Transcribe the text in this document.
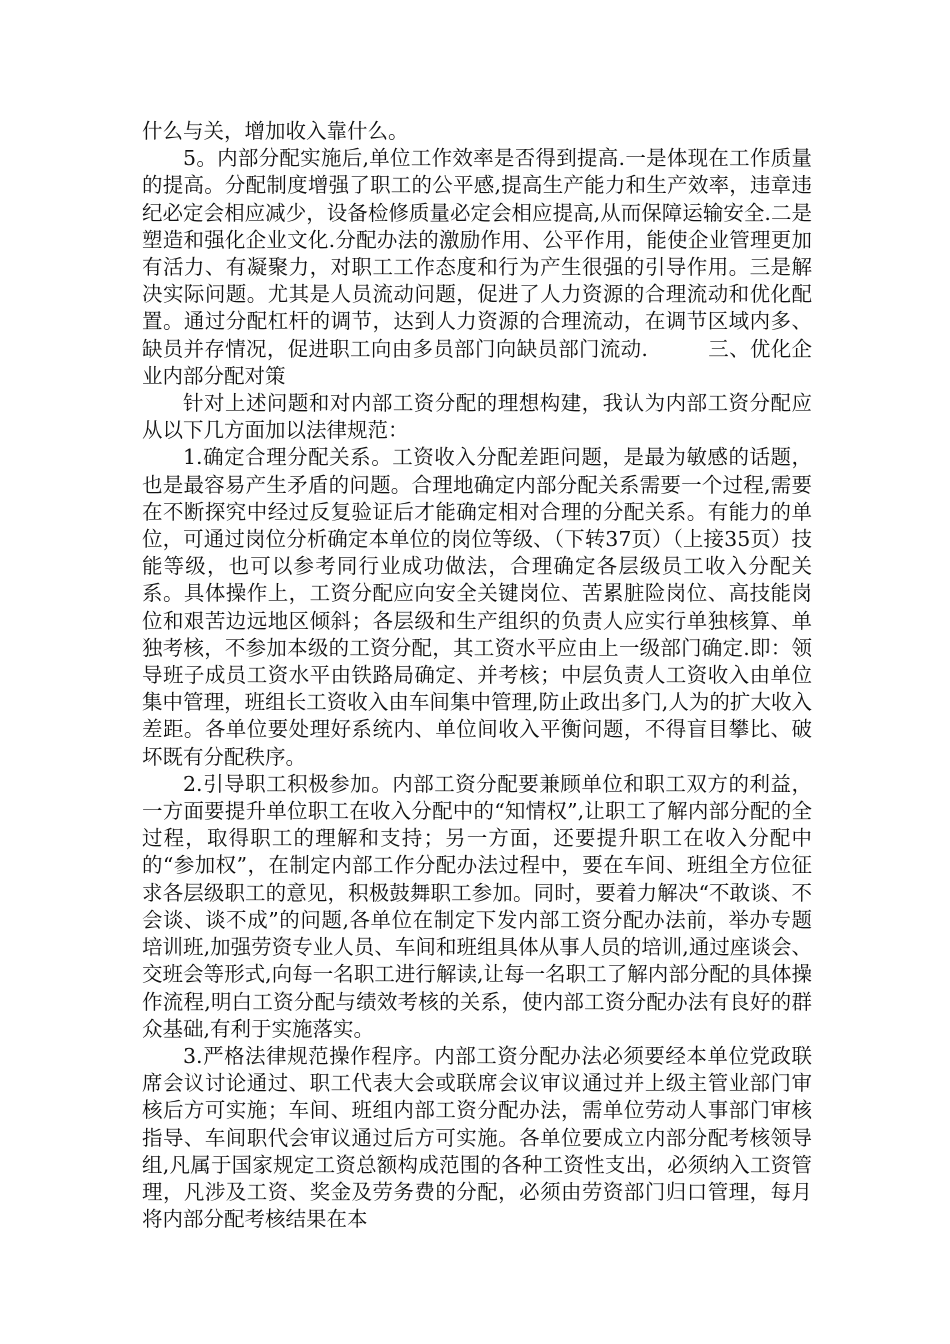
什么与关，增加收入靠什么。

5。内部分配实施后,单位工作效率是否得到提高.一是体现在工作质量的提高。分配制度增强了职工的公平感,提高生产能力和生产效率，违章违纪必定会相应减少，设备检修质量必定会相应提高,从而保障运输安全.二是塑造和强化企业文化.分配办法的激励作用、公平作用，能使企业管理更加有活力、有凝聚力，对职工工作态度和行为产生很强的引导作用。三是解决实际问题。尤其是人员流动问题，促进了人力资源的合理流动和优化配置。通过分配杠杆的调节，达到人力资源的合理流动，在调节区域内多、缺员并存情况，促进职工向由多员部门向缺员部门流动.	三、优化企业内部分配对策

针对上述问题和对内部工资分配的理想构建，我认为内部工资分配应从以下几方面加以法律规范：

1.确定合理分配关系。工资收入分配差距问题，是最为敏感的话题，也是最容易产生矛盾的问题。合理地确定内部分配关系需要一个过程,需要在不断探究中经过反复验证后才能确定相对合理的分配关系。有能力的单位，可通过岗位分析确定本单位的岗位等级、（下转37页）（上接35页）技能等级，也可以参考同行业成功做法，合理确定各层级员工收入分配关系。具体操作上，工资分配应向安全关键岗位、苦累脏险岗位、高技能岗位和艰苦边远地区倾斜；各层级和生产组织的负责人应实行单独核算、单独考核，不参加本级的工资分配，其工资水平应由上一级部门确定.即：领导班子成员工资水平由铁路局确定、并考核；中层负责人工资收入由单位集中管理，班组长工资收入由车间集中管理,防止政出多门,人为的扩大收入差距。各单位要处理好系统内、单位间收入平衡问题，不得盲目攀比、破坏既有分配秩序。

2.引导职工积极参加。内部工资分配要兼顾单位和职工双方的利益，一方面要提升单位职工在收入分配中的“知情权”,让职工了解内部分配的全过程，取得职工的理解和支持；另一方面，还要提升职工在收入分配中的“参加权”，在制定内部工作分配办法过程中，要在车间、班组全方位征求各层级职工的意见，积极鼓舞职工参加。同时，要着力解决“不敢谈、不会谈、谈不成”的问题,各单位在制定下发内部工资分配办法前，举办专题培训班,加强劳资专业人员、车间和班组具体从事人员的培训,通过座谈会、交班会等形式,向每一名职工进行解读,让每一名职工了解内部分配的具体操作流程,明白工资分配与绩效考核的关系，使内部工资分配办法有良好的群众基础,有利于实施落实。

3.严格法律规范操作程序。内部工资分配办法必须要经本单位党政联席会议讨论通过、职工代表大会或联席会议审议通过并上级主管业部门审核后方可实施；车间、班组内部工资分配办法，需单位劳动人事部门审核指导、车间职代会审议通过后方可实施。各单位要成立内部分配考核领导组,凡属于国家规定工资总额构成范围的各种工资性支出，必须纳入工资管理，凡涉及工资、奖金及劳务费的分配，必须由劳资部门归口管理，每月将内部分配考核结果在本
